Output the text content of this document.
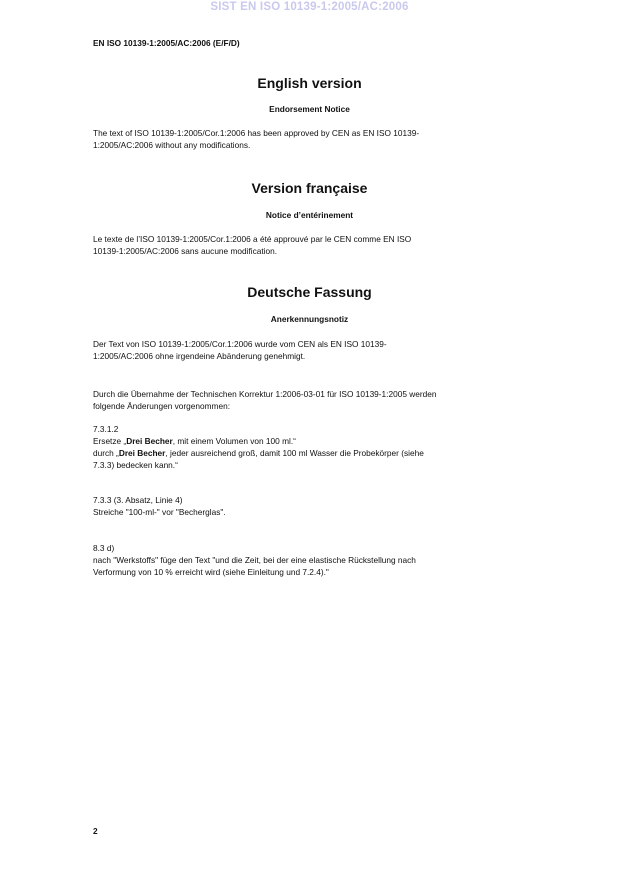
SIST EN ISO 10139-1:2005/AC:2006
EN ISO 10139-1:2005/AC:2006 (E/F/D)
English version
Endorsement Notice
The text of ISO 10139-1:2005/Cor.1:2006 has been approved by CEN as EN ISO 10139-
1:2005/AC:2006 without any modifications.
Version française
Notice d’entérinement
Le texte de l’ISO 10139-1:2005/Cor.1:2006 a été approuvé par le CEN comme EN ISO
10139-1:2005/AC:2006 sans aucune modification.
Deutsche Fassung
Anerkennungsnotiz
Der Text von ISO 10139-1:2005/Cor.1:2006 wurde vom CEN als EN ISO 10139-
1:2005/AC:2006 ohne irgendeine Abänderung genehmigt.
Durch die Übernahme der Technischen Korrektur 1:2006-03-01 für ISO 10139-1:2005 werden
folgende Änderungen vorgenommen:
7.3.1.2
Ersetze „Drei Becher, mit einem Volumen von 100 ml.“
durch „Drei Becher, jeder ausreichend groß, damit 100 ml Wasser die Probekörper (siehe
7.3.3) bedecken kann.“
7.3.3 (3. Absatz, Linie 4)
Streiche "100-ml-" vor "Becherglas".
8.3 d)
nach "Werkstoffs" füge den Text "und die Zeit, bei der eine elastische Rückstellung nach
Verformung von 10 % erreicht wird (siehe Einleitung und 7.2.4)."
2
